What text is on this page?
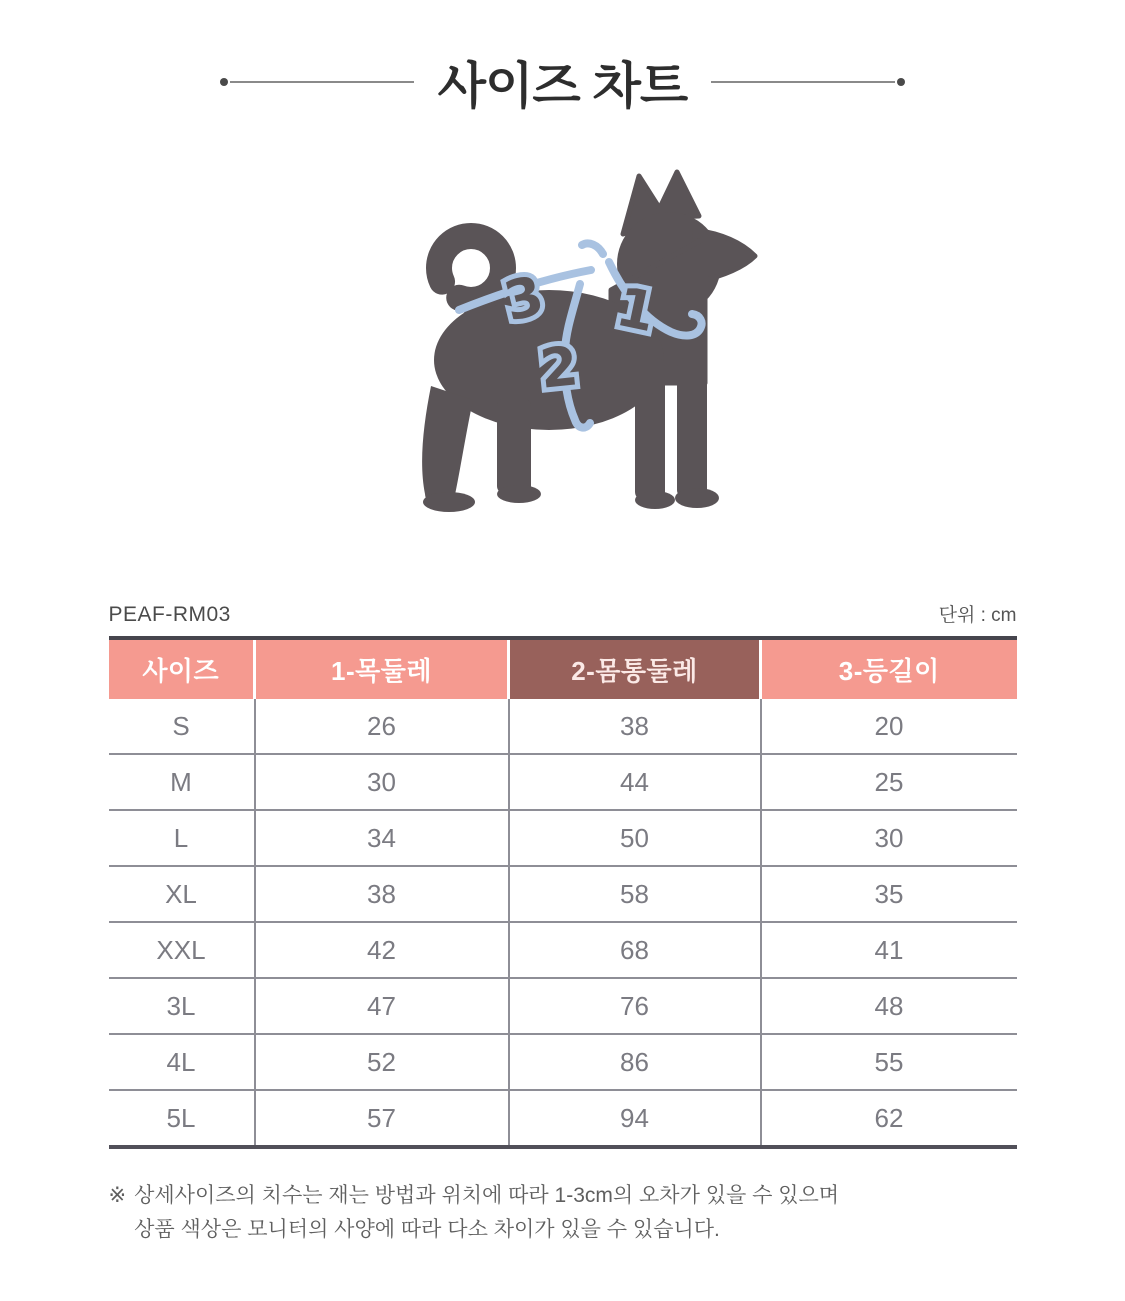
사이즈 차트
1
2
3
PEAF-RM03	단위 : cm
사이즈	1-목둘레	2-몸통둘레	3-등길이
S	26	38	20
M	30	44	25
L	34	50	30
XL	38	58	35
XXL	42	68	41
3L	47	76	48
4L	52	86	55
5L	57	94	62

※ 상세사이즈의 치수는 재는 방법과 위치에 따라 1-3cm의 오차가 있을 수 있으며
상품 색상은 모니터의 사양에 따라 다소 차이가 있을 수 있습니다.
